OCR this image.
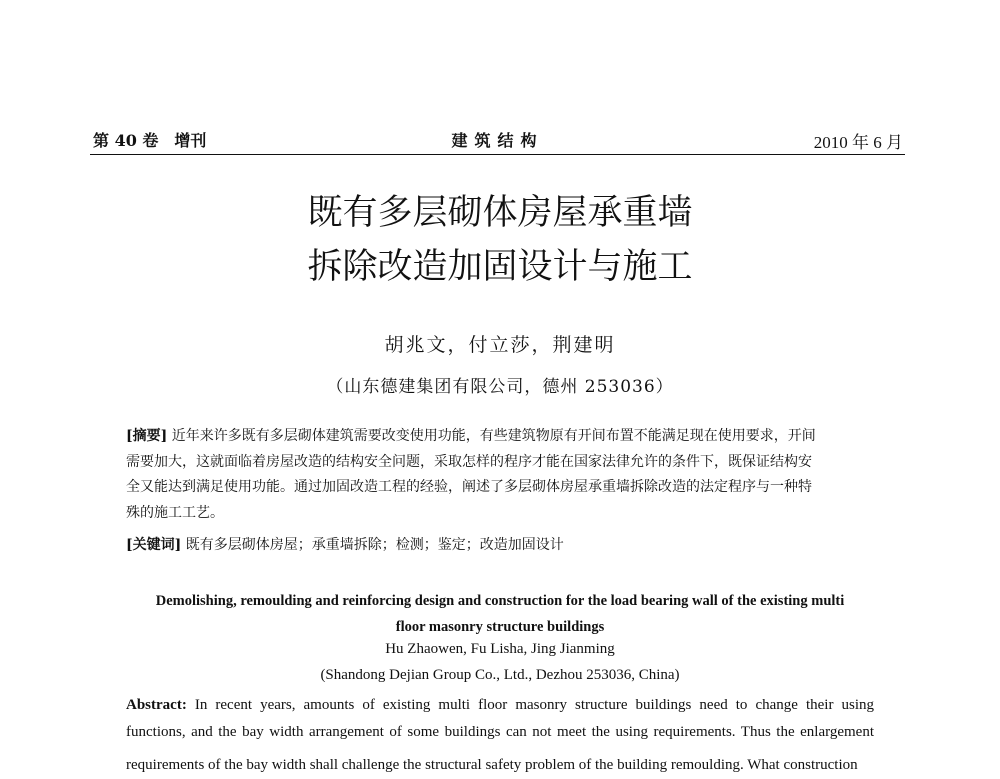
第 40 卷　增刊	建筑结构	2010 年 6 月
既有多层砌体房屋承重墙
拆除改造加固设计与施工
胡兆文，付立莎，荆建明
（山东德建集团有限公司，德州 253036）
[摘要] 近年来许多既有多层砌体建筑需要改变使用功能，有些建筑物原有开间布置不能满足现在使用要求，开间
需要加大，这就面临着房屋改造的结构安全问题，采取怎样的程序才能在国家法律允许的条件下，既保证结构安
全又能达到满足使用功能。通过加固改造工程的经验，阐述了多层砌体房屋承重墙拆除改造的法定程序与一种特
殊的施工工艺。
[关键词] 既有多层砌体房屋；承重墙拆除；检测；鉴定；改造加固设计
Demolishing, remoulding and reinforcing design and construction for the load bearing wall of the existing multi
floor masonry structure buildings
Hu Zhaowen, Fu Lisha, Jing Jianming
(Shandong Dejian Group Co., Ltd., Dezhou 253036, China)
Abstract: In recent years, amounts of existing multi floor masonry structure buildings need to change their using
functions, and the bay width arrangement of some buildings can not meet the using requirements. Thus the enlargement
requirements of the bay width shall challenge the structural safety problem of the building remoulding. What construction
